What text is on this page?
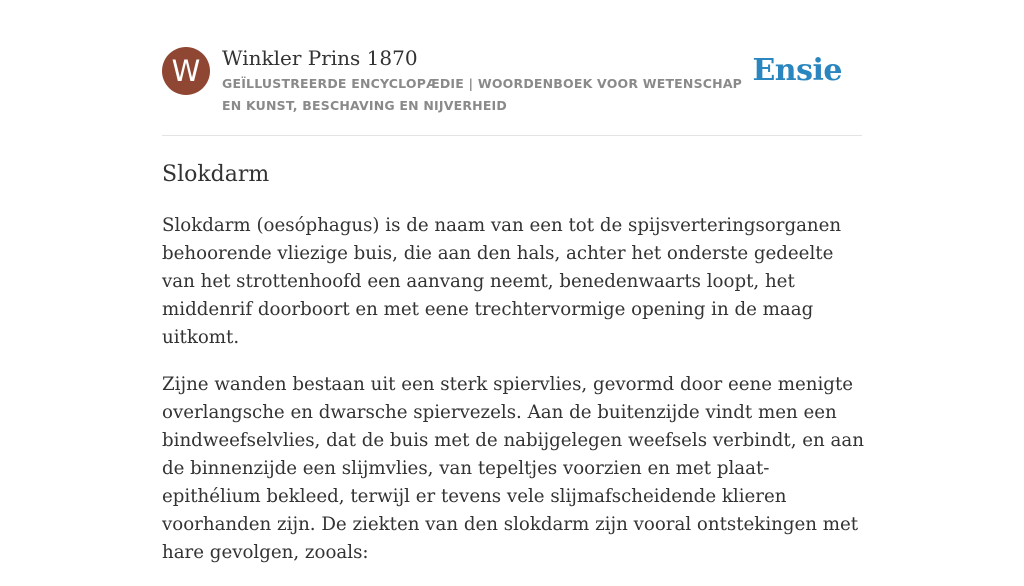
W	Winkler Prins 1870
GEÏLLUSTREERDE ENCYCLOPÆDIE | WOORDENBOEK VOOR WETENSCHAP EN KUNST, BESCHAVING EN NIJVERHEID
Ensie
Slokdarm

Slokdarm (oesóphagus) is de naam van een tot de spijsverteringsorganen behoorende vliezige buis, die aan den hals, achter het onderste gedeelte van het strottenhoofd een aanvang neemt, benedenwaarts loopt, het middenrif doorboort en met eene trechtervormige opening in de maag uitkomt.

Zijne wanden bestaan uit een sterk spiervlies, gevormd door eene menigte overlangsche en dwarsche spiervezels. Aan de buitenzijde vindt men een bindweefselvlies, dat de buis met de nabijgelegen weefsels verbindt, en aan de binnenzijde een slijmvlies, van tepeltjes voorzien en met plaat-epithélium bekleed, terwijl er tevens vele slijmafscheidende klieren voorhanden zijn. De ziekten van den slokdarm zijn vooral ontstekingen met hare gevolgen, zooals:
